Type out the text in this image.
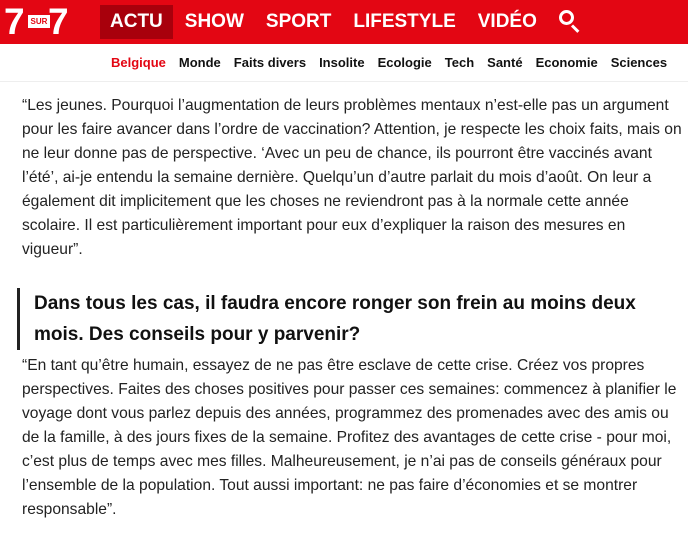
7 SUR 7	ACTU	SHOW	SPORT	LIFESTYLE	VIDÉO
Belgique Monde Faits divers Insolite Ecologie Tech Santé Economie Sciences

“Les jeunes. Pourquoi l’augmentation de leurs problèmes mentaux n’est-elle pas un argument pour les faire avancer dans l’ordre de vaccination? Attention, je respecte les choix faits, mais on ne leur donne pas de perspective. ‘Avec un peu de chance, ils pourront être vaccinés avant l’été’, ai-je entendu la semaine dernière. Quelqu’un d’autre parlait du mois d’août. On leur a également dit implicitement que les choses ne reviendront pas à la normale cette année scolaire. Il est particulièrement important pour eux d’expliquer la raison des mesures en vigueur”.

Dans tous les cas, il faudra encore ronger son frein au moins deux mois. Des conseils pour y parvenir?

“En tant qu’être humain, essayez de ne pas être esclave de cette crise. Créez vos propres perspectives. Faites des choses positives pour passer ces semaines: commencez à planifier le voyage dont vous parlez depuis des années, programmez des promenades avec des amis ou de la famille, à des jours fixes de la semaine. Profitez des avantages de cette crise - pour moi, c’est plus de temps avec mes filles. Malheureusement, je n’ai pas de conseils généraux pour l’ensemble de la population. Tout aussi important: ne pas faire d’économies et se montrer responsable”.
